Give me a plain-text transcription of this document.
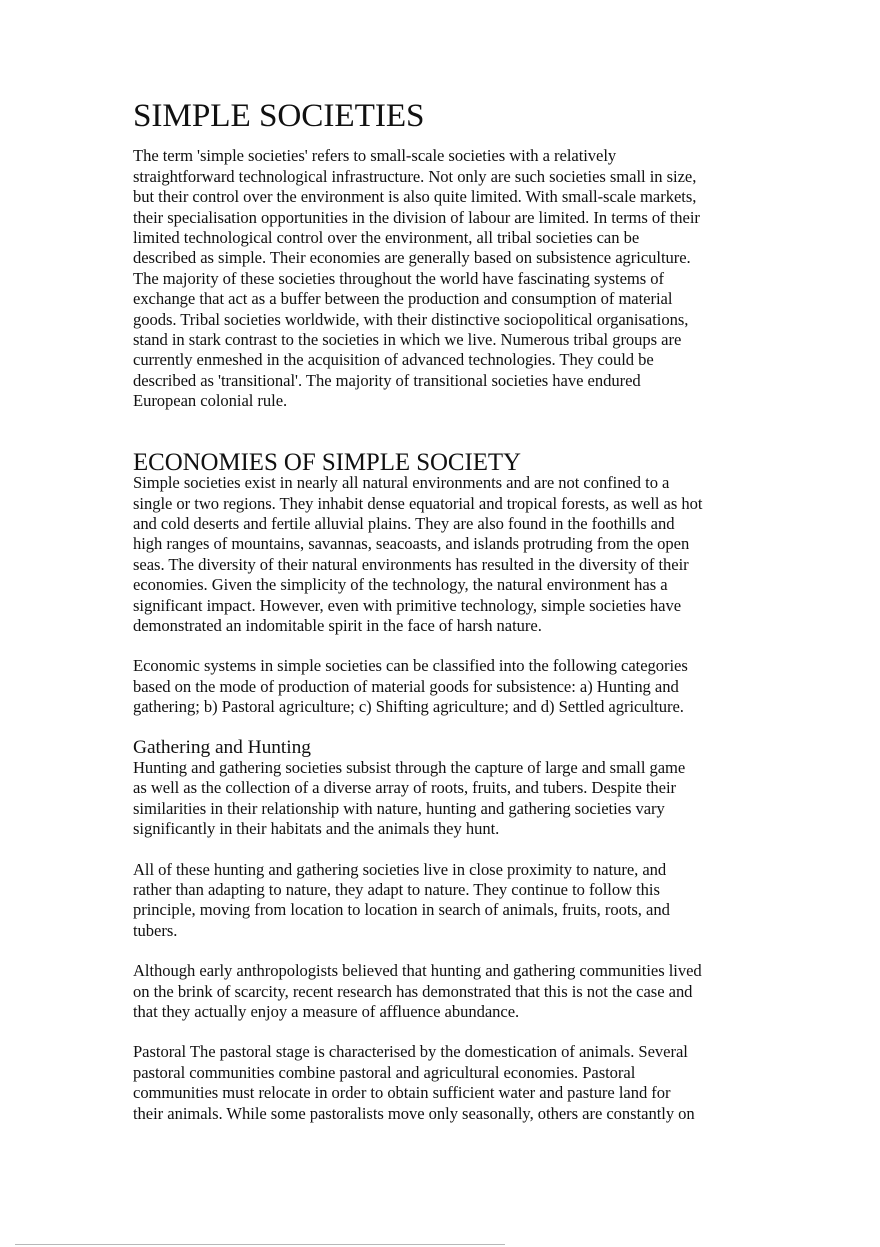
SIMPLE SOCIETIES

The term 'simple societies' refers to small-scale societies with a relatively
straightforward technological infrastructure. Not only are such societies small in size,
but their control over the environment is also quite limited. With small-scale markets,
their specialisation opportunities in the division of labour are limited. In terms of their
limited technological control over the environment, all tribal societies can be
described as simple. Their economies are generally based on subsistence agriculture.
The majority of these societies throughout the world have fascinating systems of
exchange that act as a buffer between the production and consumption of material
goods. Tribal societies worldwide, with their distinctive sociopolitical organisations,
stand in stark contrast to the societies in which we live. Numerous tribal groups are
currently enmeshed in the acquisition of advanced technologies. They could be
described as 'transitional'. The majority of transitional societies have endured
European colonial rule.

ECONOMIES OF SIMPLE SOCIETY

Simple societies exist in nearly all natural environments and are not confined to a
single or two regions. They inhabit dense equatorial and tropical forests, as well as hot
and cold deserts and fertile alluvial plains. They are also found in the foothills and
high ranges of mountains, savannas, seacoasts, and islands protruding from the open
seas. The diversity of their natural environments has resulted in the diversity of their
economies. Given the simplicity of the technology, the natural environment has a
significant impact. However, even with primitive technology, simple societies have
demonstrated an indomitable spirit in the face of harsh nature.

Economic systems in simple societies can be classified into the following categories
based on the mode of production of material goods for subsistence: a) Hunting and
gathering; b) Pastoral agriculture; c) Shifting agriculture; and d) Settled agriculture.

Gathering and Hunting

Hunting and gathering societies subsist through the capture of large and small game
as well as the collection of a diverse array of roots, fruits, and tubers. Despite their
similarities in their relationship with nature, hunting and gathering societies vary
significantly in their habitats and the animals they hunt.

All of these hunting and gathering societies live in close proximity to nature, and
rather than adapting to nature, they adapt to nature. They continue to follow this
principle, moving from location to location in search of animals, fruits, roots, and
tubers.

Although early anthropologists believed that hunting and gathering communities lived
on the brink of scarcity, recent research has demonstrated that this is not the case and
that they actually enjoy a measure of affluence abundance.

Pastoral The pastoral stage is characterised by the domestication of animals. Several
pastoral communities combine pastoral and agricultural economies. Pastoral
communities must relocate in order to obtain sufficient water and pasture land for
their animals. While some pastoralists move only seasonally, others are constantly on
